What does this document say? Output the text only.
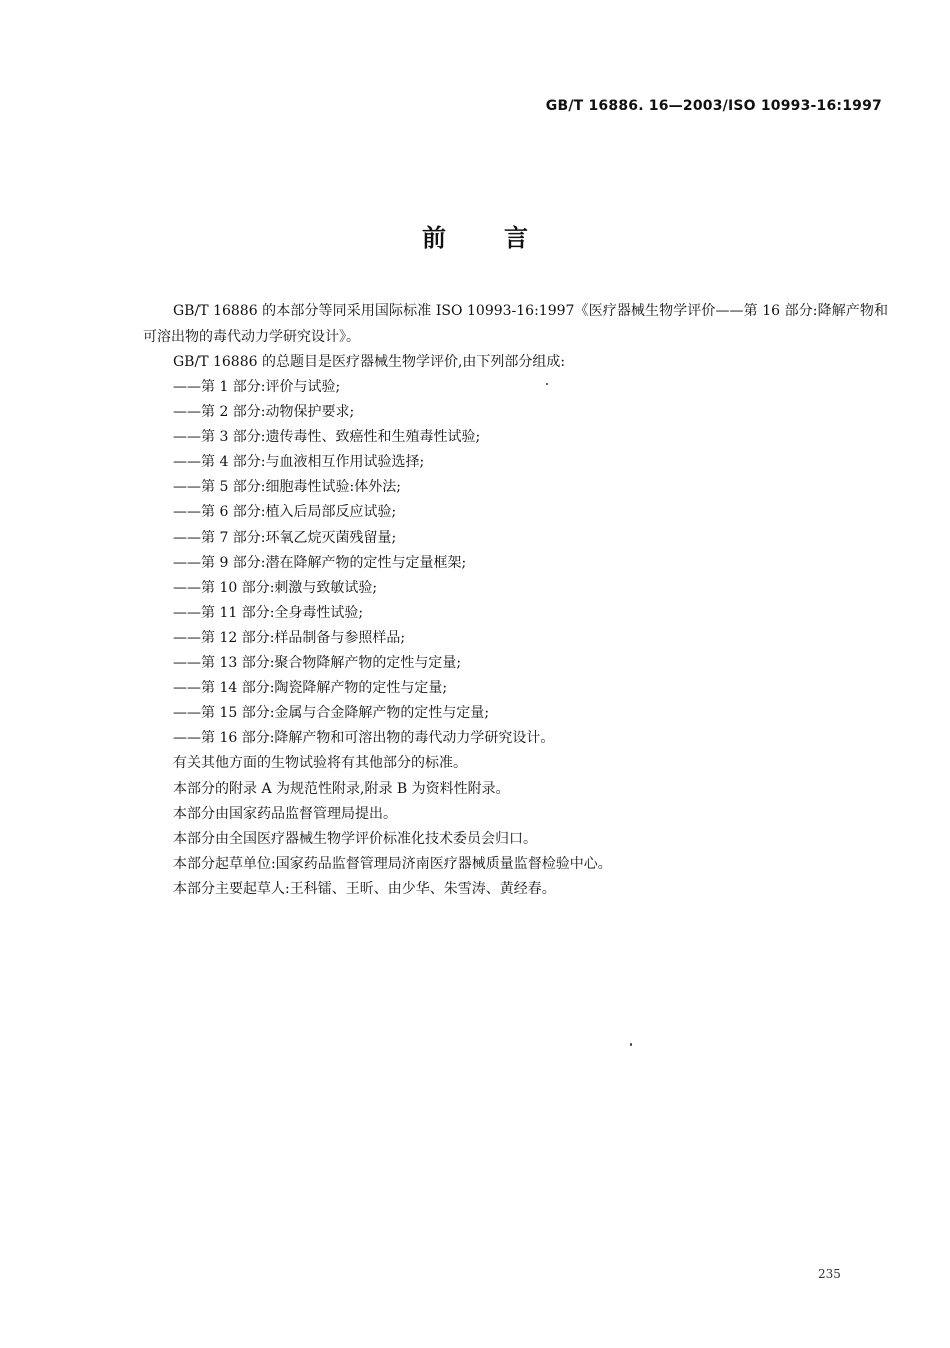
GB/T 16886. 16—2003/ISO 10993-16:1997
前言

GB/T 16886 的本部分等同采用国际标准 ISO 10993-16:1997《医疗器械生物学评价——第 16 部分:降解产物和可溶出物的毒代动力学研究设计》。

GB/T 16886 的总题目是医疗器械生物学评价,由下列部分组成:

——第 1 部分:评价与试验;
——第 2 部分:动物保护要求;
——第 3 部分:遗传毒性、致癌性和生殖毒性试验;
——第 4 部分:与血液相互作用试验选择;
——第 5 部分:细胞毒性试验:体外法;
——第 6 部分:植入后局部反应试验;
——第 7 部分:环氧乙烷灭菌残留量;
——第 9 部分:潜在降解产物的定性与定量框架;
——第 10 部分:刺激与致敏试验;
——第 11 部分:全身毒性试验;
——第 12 部分:样品制备与参照样品;
——第 13 部分:聚合物降解产物的定性与定量;
——第 14 部分:陶瓷降解产物的定性与定量;
——第 15 部分:金属与合金降解产物的定性与定量;
——第 16 部分:降解产物和可溶出物的毒代动力学研究设计。
有关其他方面的生物试验将有其他部分的标准。
本部分的附录 A 为规范性附录,附录 B 为资料性附录。
本部分由国家药品监督管理局提出。
本部分由全国医疗器械生物学评价标准化技术委员会归口。
本部分起草单位:国家药品监督管理局济南医疗器械质量监督检验中心。
本部分主要起草人:王科镭、王昕、由少华、朱雪涛、黄经春。
235
